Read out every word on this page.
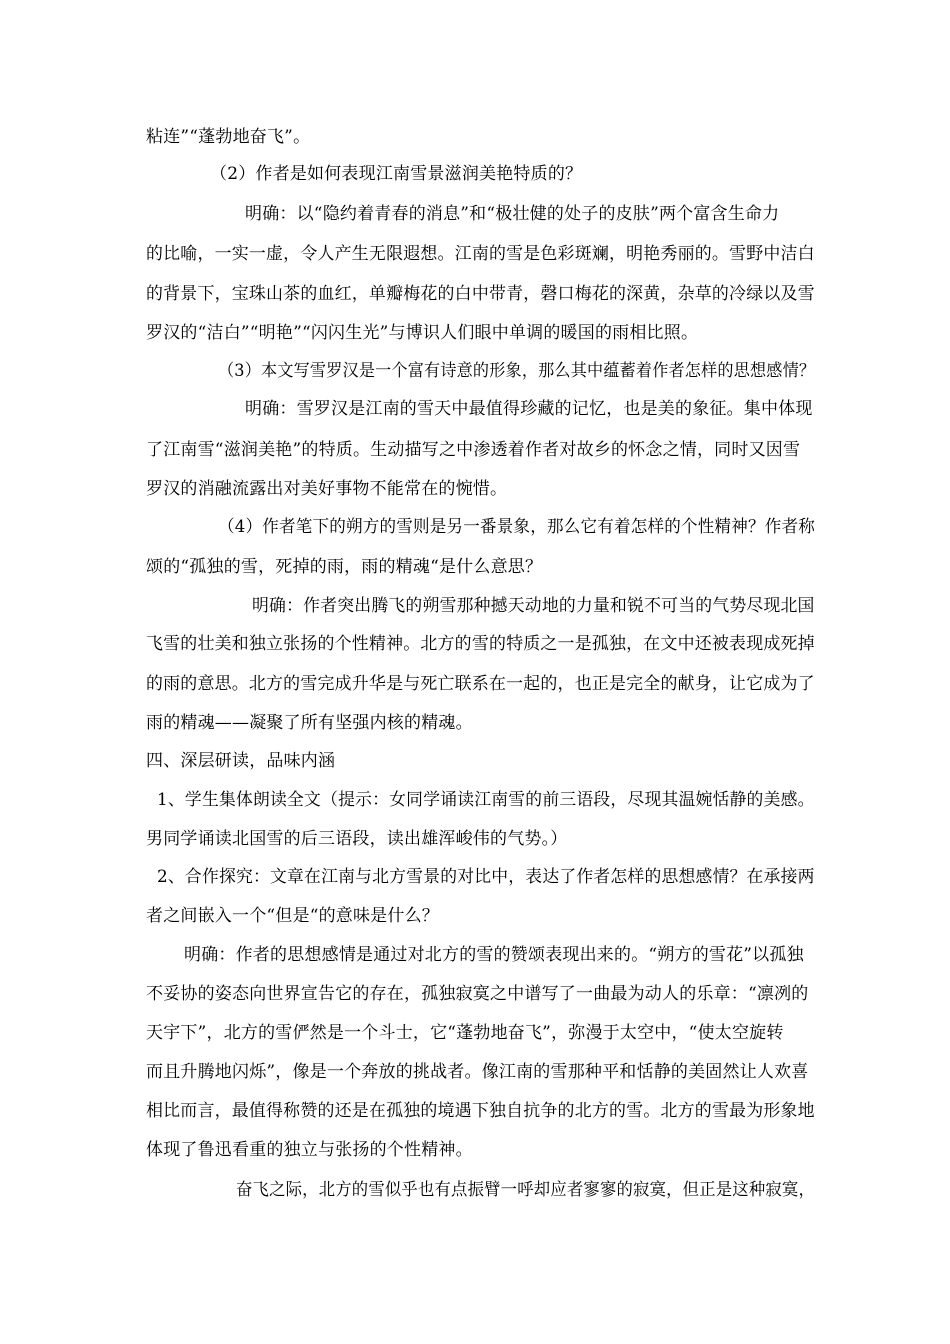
粘连”“蓬勃地奋飞”。
（2）作者是如何表现江南雪景滋润美艳特质的？
明确：以“隐约着青春的消息”和“极壮健的处子的皮肤”两个富含生命力
的比喻，一实一虚，令人产生无限遐想。江南的雪是色彩斑斓，明艳秀丽的。雪野中洁白
的背景下，宝珠山茶的血红，单瓣梅花的白中带青，磬口梅花的深黄，杂草的冷绿以及雪
罗汉的“洁白”“明艳”“闪闪生光”与博识人们眼中单调的暖国的雨相比照。
（3）本文写雪罗汉是一个富有诗意的形象，那么其中蕴蓄着作者怎样的思想感情？
明确：雪罗汉是江南的雪天中最值得珍藏的记忆，也是美的象征。集中体现
了江南雪“滋润美艳”的特质。生动描写之中渗透着作者对故乡的怀念之情，同时又因雪
罗汉的消融流露出对美好事物不能常在的惋惜。
（4）作者笔下的朔方的雪则是另一番景象，那么它有着怎样的个性精神？作者称
颂的“孤独的雪，死掉的雨，雨的精魂“是什么意思？
明确：作者突出腾飞的朔雪那种撼天动地的力量和锐不可当的气势尽现北国
飞雪的壮美和独立张扬的个性精神。北方的雪的特质之一是孤独，在文中还被表现成死掉
的雨的意思。北方的雪完成升华是与死亡联系在一起的，也正是完全的献身，让它成为了
雨的精魂——凝聚了所有坚强内核的精魂。
四、深层研读，品味内涵
1、学生集体朗读全文（提示：女同学诵读江南雪的前三语段，尽现其温婉恬静的美感。
男同学诵读北国雪的后三语段，读出雄浑峻伟的气势。）
2、合作探究：文章在江南与北方雪景的对比中，表达了作者怎样的思想感情？在承接两
者之间嵌入一个“但是“的意味是什么？
明确：作者的思想感情是通过对北方的雪的赞颂表现出来的。“朔方的雪花”以孤独
不妥协的姿态向世界宣告它的存在，孤独寂寞之中谱写了一曲最为动人的乐章：“凛冽的
天宇下”，北方的雪俨然是一个斗士，它“蓬勃地奋飞”，弥漫于太空中，“使太空旋转
而且升腾地闪烁”，像是一个奔放的挑战者。像江南的雪那种平和恬静的美固然让人欢喜
相比而言，最值得称赞的还是在孤独的境遇下独自抗争的北方的雪。北方的雪最为形象地
体现了鲁迅看重的独立与张扬的个性精神。
奋飞之际，北方的雪似乎也有点振臂一呼却应者寥寥的寂寞，但正是这种寂寞，
